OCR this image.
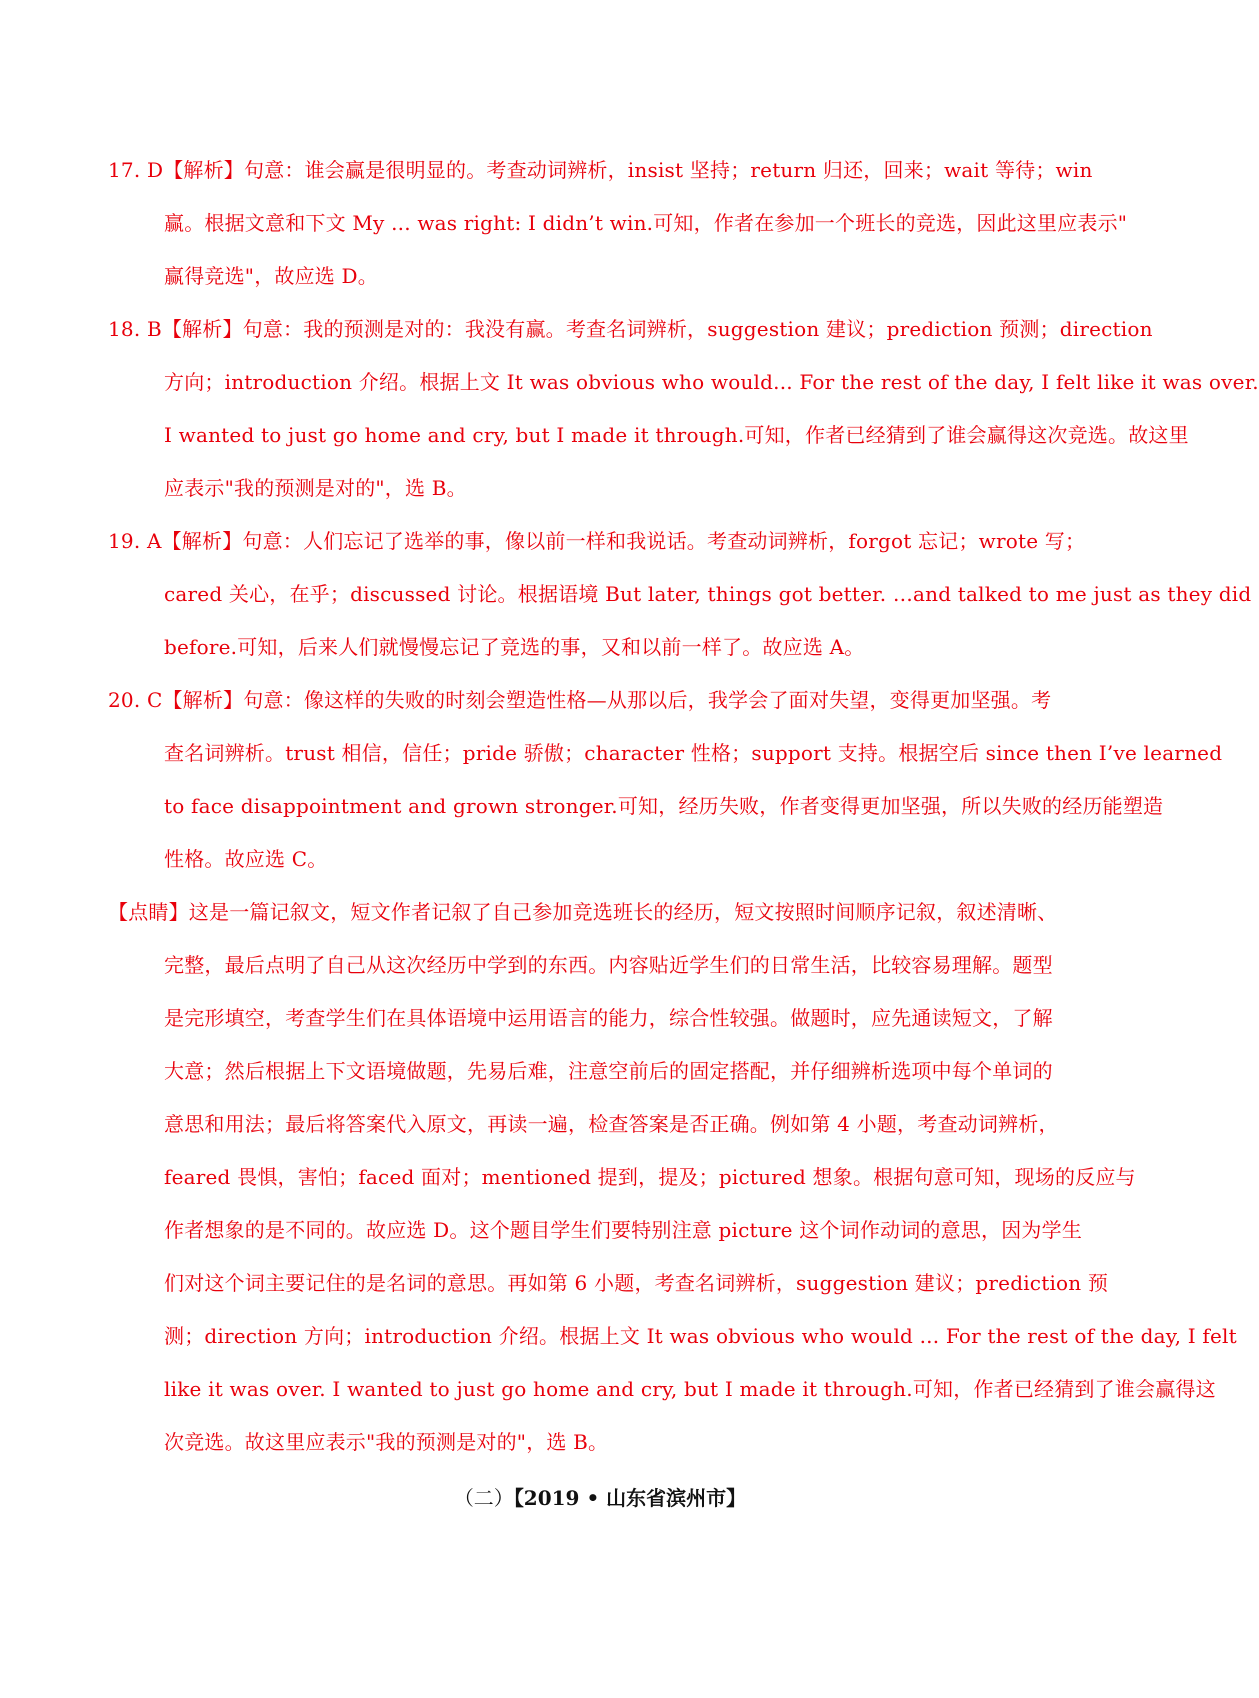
17. D【解析】句意：谁会赢是很明显的。考查动词辨析，insist 坚持；return 归还，回来；wait 等待；win
赢。根据文意和下文 My ... was right: I didn’t win.可知，作者在参加一个班长的竞选，因此这里应表示"
赢得竞选"，故应选 D。
18. B【解析】句意：我的预测是对的：我没有赢。考查名词辨析，suggestion 建议；prediction 预测；direction
方向；introduction 介绍。根据上文 It was obvious who would... For the rest of the day, I felt like it was over.
I wanted to just go home and cry, but I made it through.可知，作者已经猜到了谁会赢得这次竞选。故这里
应表示"我的预测是对的"，选 B。
19. A【解析】句意：人们忘记了选举的事，像以前一样和我说话。考查动词辨析，forgot 忘记；wrote 写；
cared 关心，在乎；discussed 讨论。根据语境 But later, things got better. …and talked to me just as they did
before.可知，后来人们就慢慢忘记了竞选的事，又和以前一样了。故应选 A。
20. C【解析】句意：像这样的失败的时刻会塑造性格—从那以后，我学会了面对失望，变得更加坚强。考
查名词辨析。trust 相信，信任；pride 骄傲；character 性格；support 支持。根据空后 since then I’ve learned
to face disappointment and grown stronger.可知，经历失败，作者变得更加坚强，所以失败的经历能塑造
性格。故应选 C。
【点睛】这是一篇记叙文，短文作者记叙了自己参加竞选班长的经历，短文按照时间顺序记叙，叙述清晰、
完整，最后点明了自己从这次经历中学到的东西。内容贴近学生们的日常生活，比较容易理解。题型
是完形填空，考查学生们在具体语境中运用语言的能力，综合性较强。做题时，应先通读短文，了解
大意；然后根据上下文语境做题，先易后难，注意空前后的固定搭配，并仔细辨析选项中每个单词的
意思和用法；最后将答案代入原文，再读一遍，检查答案是否正确。例如第 4 小题，考查动词辨析，
feared 畏惧，害怕；faced 面对；mentioned 提到，提及；pictured 想象。根据句意可知，现场的反应与
作者想象的是不同的。故应选 D。这个题目学生们要特别注意 picture 这个词作动词的意思，因为学生
们对这个词主要记住的是名词的意思。再如第 6 小题，考查名词辨析，suggestion 建议；prediction 预
测；direction 方向；introduction 介绍。根据上文 It was obvious who would ... For the rest of the day, I felt
like it was over. I wanted to just go home and cry, but I made it through.可知，作者已经猜到了谁会赢得这
次竞选。故这里应表示"我的预测是对的"，选 B。
（二）【2019 • 山东省滨州市】
